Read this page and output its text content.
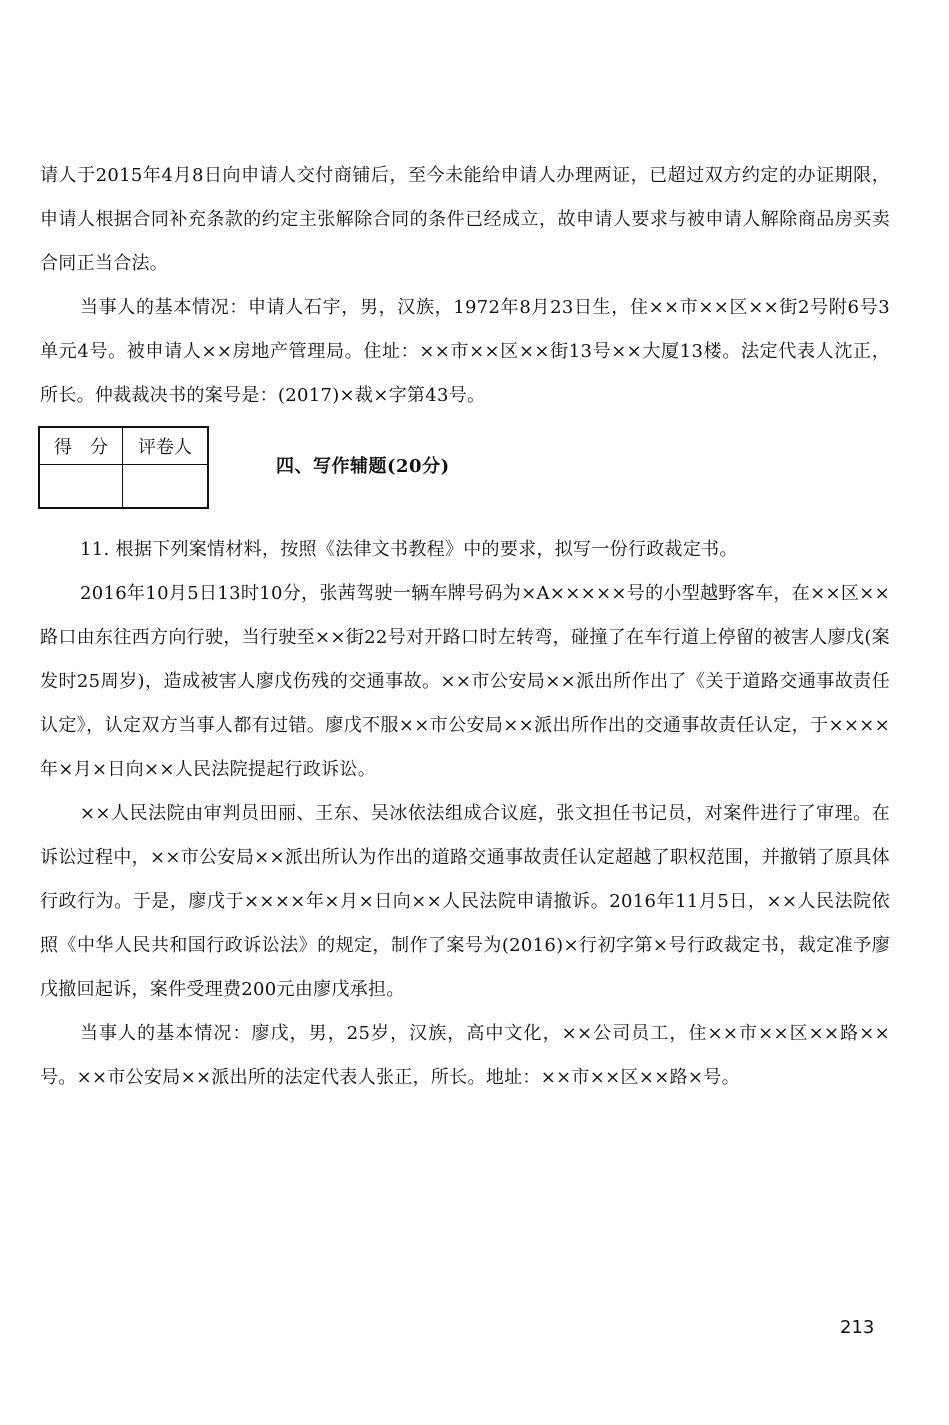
请人于2015年4月8日向申请人交付商铺后，至今未能给申请人办理两证，已超过双方约定的办证期限，申请人根据合同补充条款的约定主张解除合同的条件已经成立，故申请人要求与被申请人解除商品房买卖合同正当合法。

当事人的基本情况：申请人石宇，男，汉族，1972年8月23日生，住××市××区××街2号附6号3单元4号。被申请人××房地产管理局。住址：××市××区××街13号××大厦13楼。法定代表人沈正，所长。仲裁裁决书的案号是：(2017)×裁×字第43号。

得　分	评卷人

四、写作辅题(20分)

11. 根据下列案情材料，按照《法律文书教程》中的要求，拟写一份行政裁定书。

2016年10月5日13时10分，张茜驾驶一辆车牌号码为×A×××××号的小型越野客车，在××区××路口由东往西方向行驶，当行驶至××街22号对开路口时左转弯，碰撞了在车行道上停留的被害人廖戊(案发时25周岁)，造成被害人廖戊伤残的交通事故。××市公安局××派出所作出了《关于道路交通事故责任认定》，认定双方当事人都有过错。廖戊不服××市公安局××派出所作出的交通事故责任认定，于××××年×月×日向××人民法院提起行政诉讼。

××人民法院由审判员田丽、王东、吴冰依法组成合议庭，张文担任书记员，对案件进行了审理。在诉讼过程中，××市公安局××派出所认为作出的道路交通事故责任认定超越了职权范围，并撤销了原具体行政行为。于是，廖戊于××××年×月×日向××人民法院申请撤诉。2016年11月5日，××人民法院依照《中华人民共和国行政诉讼法》的规定，制作了案号为(2016)×行初字第×号行政裁定书，裁定准予廖戊撤回起诉，案件受理费200元由廖戊承担。

当事人的基本情况：廖戊，男，25岁，汉族，高中文化，××公司员工，住××市××区××路××号。××市公安局××派出所的法定代表人张正，所长。地址：××市××区××路×号。

213
